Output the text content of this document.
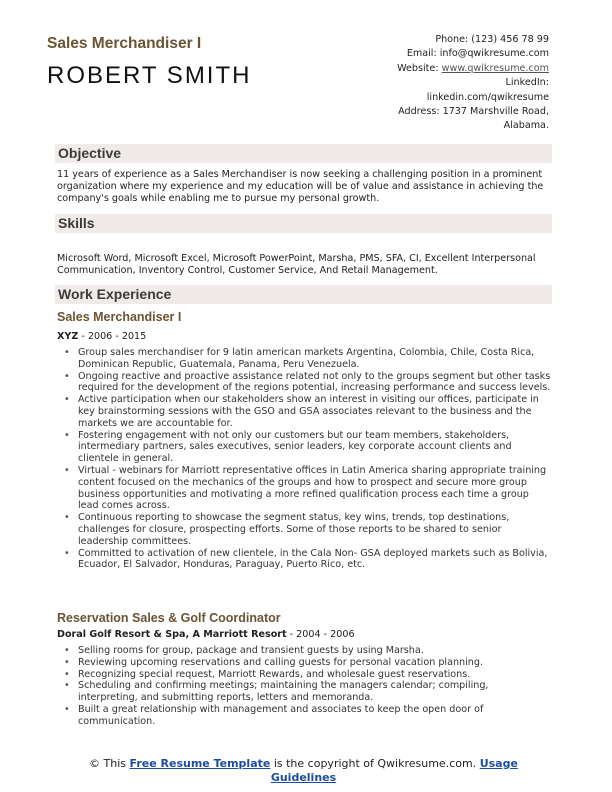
Sales Merchandiser I
ROBERT SMITH
Phone: (123) 456 78 99
Email: info@qwikresume.com
Website: www.qwikresume.com
LinkedIn:
linkedin.com/qwikresume
Address: 1737 Marshville Road,
Alabama.
Objective

11 years of experience as a Sales Merchandiser is now seeking a challenging position in a prominent organization where my experience and my education will be of value and assistance in achieving the company's goals while enabling me to pursue my personal growth.

Skills

Microsoft Word, Microsoft Excel, Microsoft PowerPoint, Marsha, PMS, SFA, CI, Excellent Interpersonal Communication, Inventory Control, Customer Service, And Retail Management.

Work Experience
Sales Merchandiser I

XYZ - 2006 - 2015

• Group sales merchandiser for 9 latin american markets Argentina, Colombia, Chile, Costa Rica, Dominican Republic, Guatemala, Panama, Peru Venezuela.
• Ongoing reactive and proactive assistance related not only to the groups segment but other tasks required for the development of the regions potential, increasing performance and success levels.
• Active participation when our stakeholders show an interest in visiting our offices, participate in key brainstorming sessions with the GSO and GSA associates relevant to the business and the markets we are accountable for.
• Fostering engagement with not only our customers but our team members, stakeholders, intermediary partners, sales executives, senior leaders, key corporate account clients and clientele in general.
• Virtual - webinars for Marriott representative offices in Latin America sharing appropriate training content focused on the mechanics of the groups and how to prospect and secure more group business opportunities and motivating a more refined qualification process each time a group lead comes across.
• Continuous reporting to showcase the segment status, key wins, trends, top destinations, challenges for closure, prospecting efforts. Some of those reports to be shared to senior leadership committees.
• Committed to activation of new clientele, in the Cala Non- GSA deployed markets such as Bolivia, Ecuador, El Salvador, Honduras, Paraguay, Puerto Rico, etc.
Reservation Sales & Golf Coordinator

Doral Golf Resort & Spa, A Marriott Resort - 2004 - 2006

• Selling rooms for group, package and transient guests by using Marsha.
• Reviewing upcoming reservations and calling guests for personal vacation planning.
• Recognizing special request, Marriott Rewards, and wholesale guest reservations.
• Scheduling and confirming meetings; maintaining the managers calendar; compiling, interpreting, and submitting reports, letters and memoranda.
• Built a great relationship with management and associates to keep the open door of communication.
© This Free Resume Template is the copyright of Qwikresume.com. Usage
Guidelines
